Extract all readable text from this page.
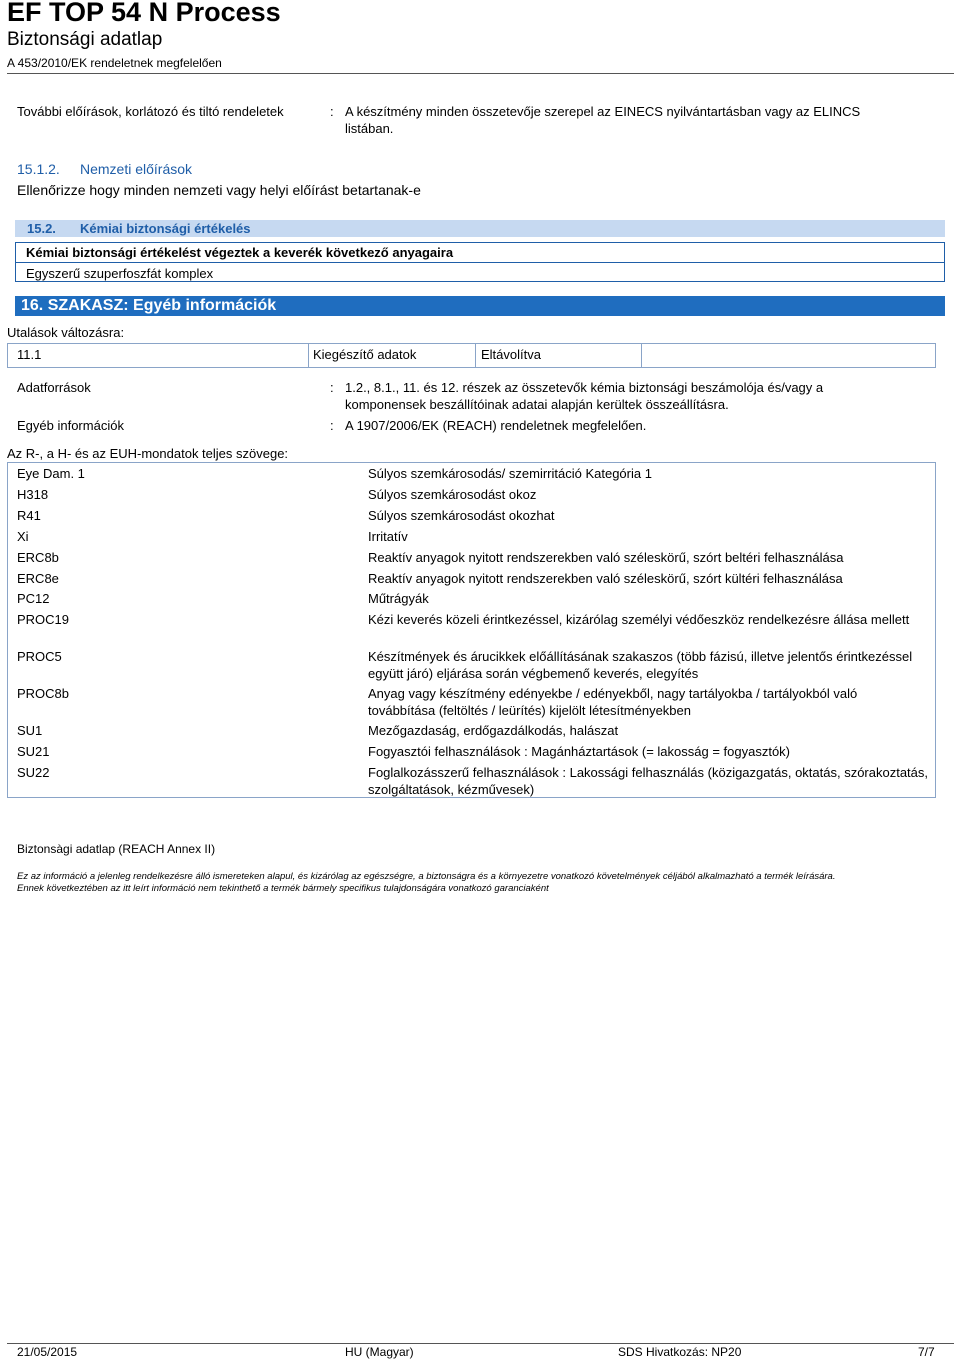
EF TOP 54 N Process
Biztonsági adatlap
A 453/2010/EK rendeletnek megfelelően
További előírások, korlátozó és tiltó rendeletek	: A készítmény minden összetevője szerepel az EINECS nyilvántartásban vagy az ELINCS
listában.
15.1.2. Nemzeti előírások
Ellenőrizze hogy minden nemzeti vagy helyi előírást betartanak-e
15.2. Kémiai biztonsági értékelés
Kémiai biztonsági értékelést végeztek a keverék következő anyagaira
Egyszerű szuperfoszfát komplex
16. SZAKASZ: Egyéb információk
Utalások változásra:
11.1	Kiegészítő adatok	Eltávolítva
Adatforrások	: 1.2., 8.1., 11. és 12. részek az összetevők kémia biztonsági beszámolója és/vagy a
komponensek beszállítóinak adatai alapján kerültek összeállításra.
Egyéb információk	: A 1907/2006/EK (REACH) rendeletnek megfelelően.
Az R-, a H- és az EUH-mondatok teljes szövege:
Eye Dam. 1	Súlyos szemkárosodás/ szemirritáció Kategória 1
H318	Súlyos szemkárosodást okoz
R41	Súlyos szemkárosodást okozhat
Xi	Irritatív
ERC8b	Reaktív anyagok nyitott rendszerekben való széleskörű, szórt beltéri felhasználása
ERC8e	Reaktív anyagok nyitott rendszerekben való széleskörű, szórt kültéri felhasználása
PC12	Műtrágyák
PROC19	Kézi keverés közeli érintkezéssel, kizárólag személyi védőeszköz rendelkezésre állása mellett
PROC5	Készítmények és árucikkek előállításának szakaszos (több fázisú, illetve jelentős érintkezéssel együtt járó) eljárása során végbemenő keverés, elegyítés
PROC8b	Anyag vagy készítmény edényekbe / edényekből, nagy tartályokba / tartályokból való továbbítása (feltöltés / leürítés) kijelölt létesítményekben
SU1	Mezőgazdaság, erdőgazdálkodás, halászat
SU21	Fogyasztói felhasználások : Magánháztartások (= lakosság = fogyasztók)
SU22	Foglalkozásszerű felhasználások : Lakossági felhasználás (közigazgatás, oktatás, szórakoztatás, szolgáltatások, kézművesek)
Biztonsàgi adatlap (REACH Annex II)
Ez az információ a jelenleg rendelkezésre álló ismereteken alapul, és kizárólag az egészségre, a biztonságra és a környezetre vonatkozó követelmények céljából alkalmazható a termék leírására.
Ennek következtében az itt leírt információ nem tekinthető a termék bármely specifikus tulajdonságára vonatkozó garanciaként
21/05/2015	HU (Magyar)	SDS Hivatkozás: NP20	7/7
